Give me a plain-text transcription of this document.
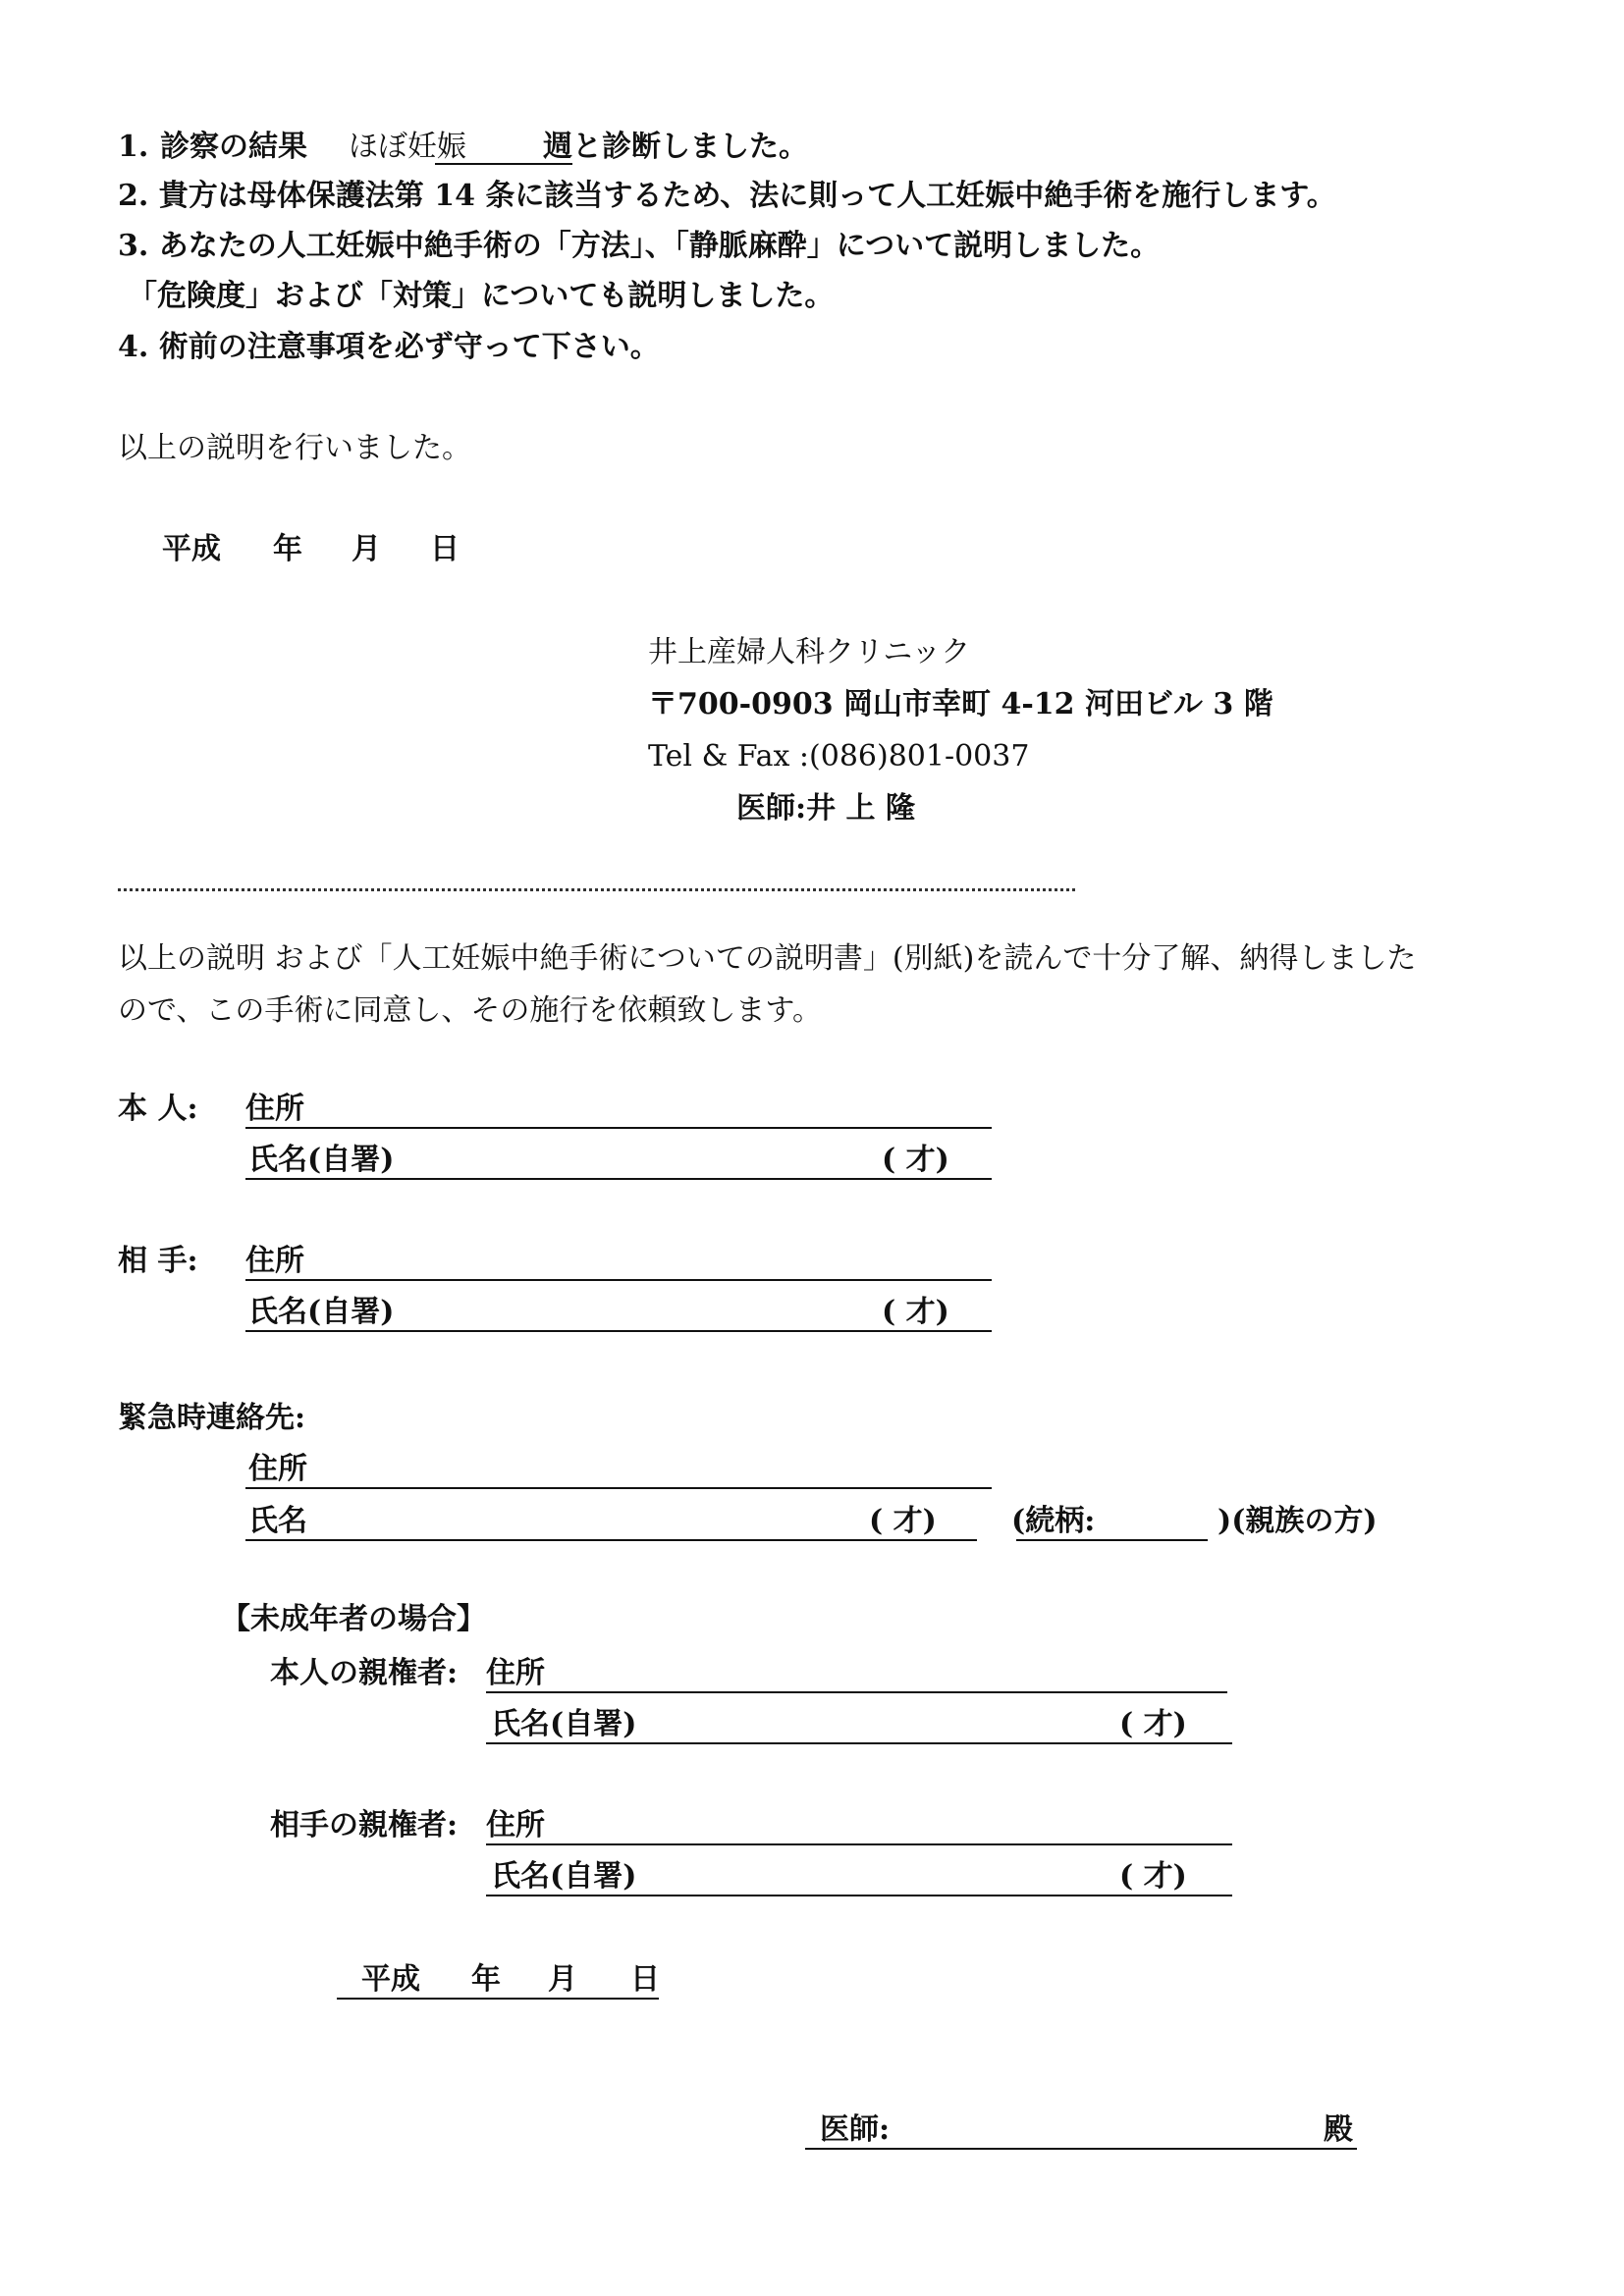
1. 診察の結果 ほぼ妊娠	週と診断しました。
2. 貴方は母体保護法第 14 条に該当するため、法に則って人工妊娠中絶手術を施行します。
3. あなたの人工妊娠中絶手術の「方法」、「静脈麻酔」について説明しました。
「危険度」および「対策」についても説明しました。
4. 術前の注意事項を必ず守って下さい。
以上の説明を行いました。
平成 年 月 日
井上産婦人科クリニック
〒700-0903 岡山市幸町 4-12 河田ビル 3 階
Tel & Fax :(086)801-0037
医師:井 上 隆
以上の説明 および「人工妊娠中絶手術についての説明書」(別紙)を読んで十分了解、納得しました
ので、この手術に同意し、その施行を依頼致します。
本 人: 住所
氏名(自署)	( 才)
相 手: 住所
氏名(自署)	( 才)
緊急時連絡先:
住所
氏名	( 才)	(続柄:	)(親族の方)
【未成年者の場合】
本人の親権者: 住所
氏名(自署)	( 才)
相手の親権者: 住所
氏名(自署)	( 才)
平成 年 月 日
医師:	殿
